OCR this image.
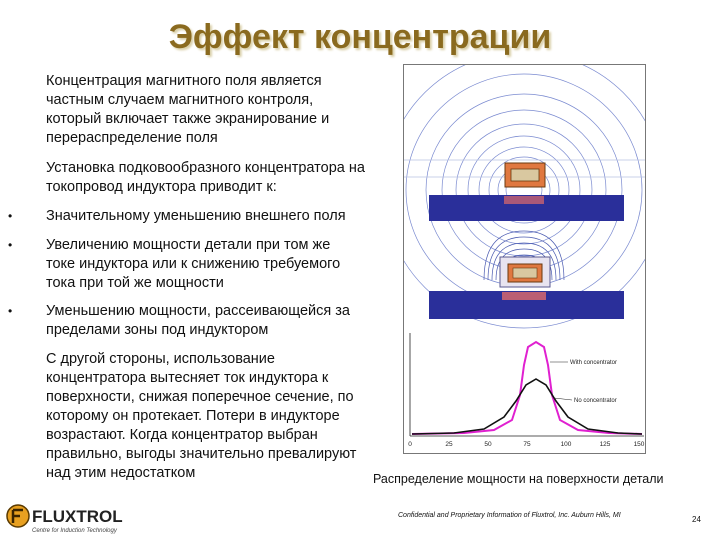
Эффект концентрации
Концентрация магнитного поля является
частным случаем магнитного контроля,
который включает также экранирование и
перераспределение поля
Установка подковообразного концентратора на
токопровод индуктора приводит к:
• Значительному уменьшению внешнего поля
• Увеличению мощности детали при том же
токе индуктора или к снижению требуемого
тока при той же мощности
• Уменьшению мощности, рассеивающейся за
пределами зоны под индуктором
С другой стороны, использование
концентратора вытесняет ток индуктора к
поверхности, снижая поперечное сечение, по
которому он протекает. Потери в индукторе
возрастают. Когда концентратор выбран
правильно, выгоды значительно превалируют
над этим недостатком
With concentrator
No concentrator
0	25	50	75	100	125	150
Распределение мощности на поверхности детали
FLUXTROL
Centre for Induction Technology
Confidential and Proprietary Information of Fluxtrol, Inc. Auburn Hills, MI	24
